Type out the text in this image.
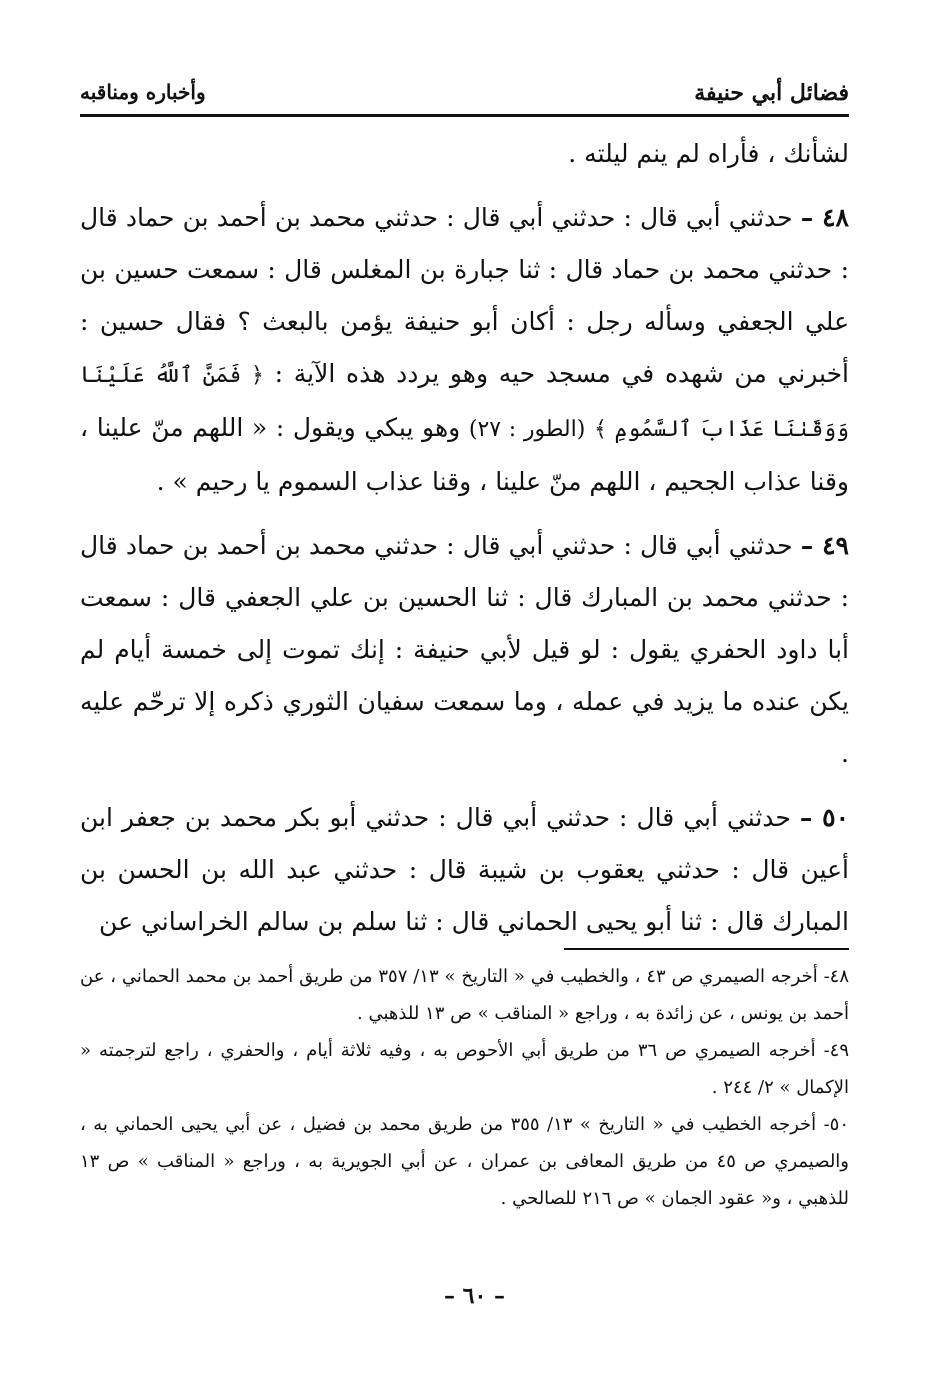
فضائل أبي حنيفة
وأخباره ومناقبه

لشأنك ، فأراه لم ينم ليلته .

٤٨ – حدثني أبي قال : حدثني أبي قال : حدثني محمد بن أحمد بن حماد قال : حدثني محمد بن حماد قال : ثنا جبارة بن المغلس قال : سمعت حسين بن علي الجعفي وسأله رجل : أكان أبو حنيفة يؤمن بالبعث ؟ فقال حسين : أخبرني من شهده في مسجد حيه وهو يردد هذه الآية : ﴿ فَمَنَّ ٱللَّهُ عَلَيْنَا وَوَقَىٰنَا عَذَابَ ٱلسَّمُومِ ﴾ (الطور : ٢٧) وهو يبكي ويقول : « اللهم منّ علينا ، وقنا عذاب الجحيم ، اللهم منّ علينا ، وقنا عذاب السموم يا رحيم » .

٤٩ – حدثني أبي قال : حدثني أبي قال : حدثني محمد بن أحمد بن حماد قال : حدثني محمد بن المبارك قال : ثنا الحسين بن علي الجعفي قال : سمعت أبا داود الحفري يقول : لو قيل لأبي حنيفة : إنك تموت إلى خمسة أيام لم يكن عنده ما يزيد في عمله ، وما سمعت سفيان الثوري ذكره إلا ترحّم عليه .

٥٠ – حدثني أبي قال : حدثني أبي قال : حدثني أبو بكر محمد بن جعفر ابن أعين قال : حدثني يعقوب بن شيبة قال : حدثني عبد الله بن الحسن بن المبارك قال : ثنا أبو يحيى الحماني قال : ثنا سلم بن سالم الخراساني عن

٤٨- أخرجه الصيمري ص ٤٣ ، والخطيب في « التاريخ » ١٣/ ٣٥٧ من طريق أحمد بن محمد الحماني ، عن أحمد بن يونس ، عن زائدة به ، وراجع « المناقب » ص ١٣ للذهبي .

٤٩- أخرجه الصيمري ص ٣٦ من طريق أبي الأحوص به ، وفيه ثلاثة أيام ، والحفري ، راجع لترجمته « الإكمال » ٢/ ٢٤٤ .

٥٠- أخرجه الخطيب في « التاريخ » ١٣/ ٣٥٥ من طريق محمد بن فضيل ، عن أبي يحيى الحماني به ، والصيمري ص ٤٥ من طريق المعافى بن عمران ، عن أبي الجويرية به ، وراجع « المناقب » ص ١٣ للذهبي ، و« عقود الجمان » ص ٢١٦ للصالحي .

– ٦٠ –
